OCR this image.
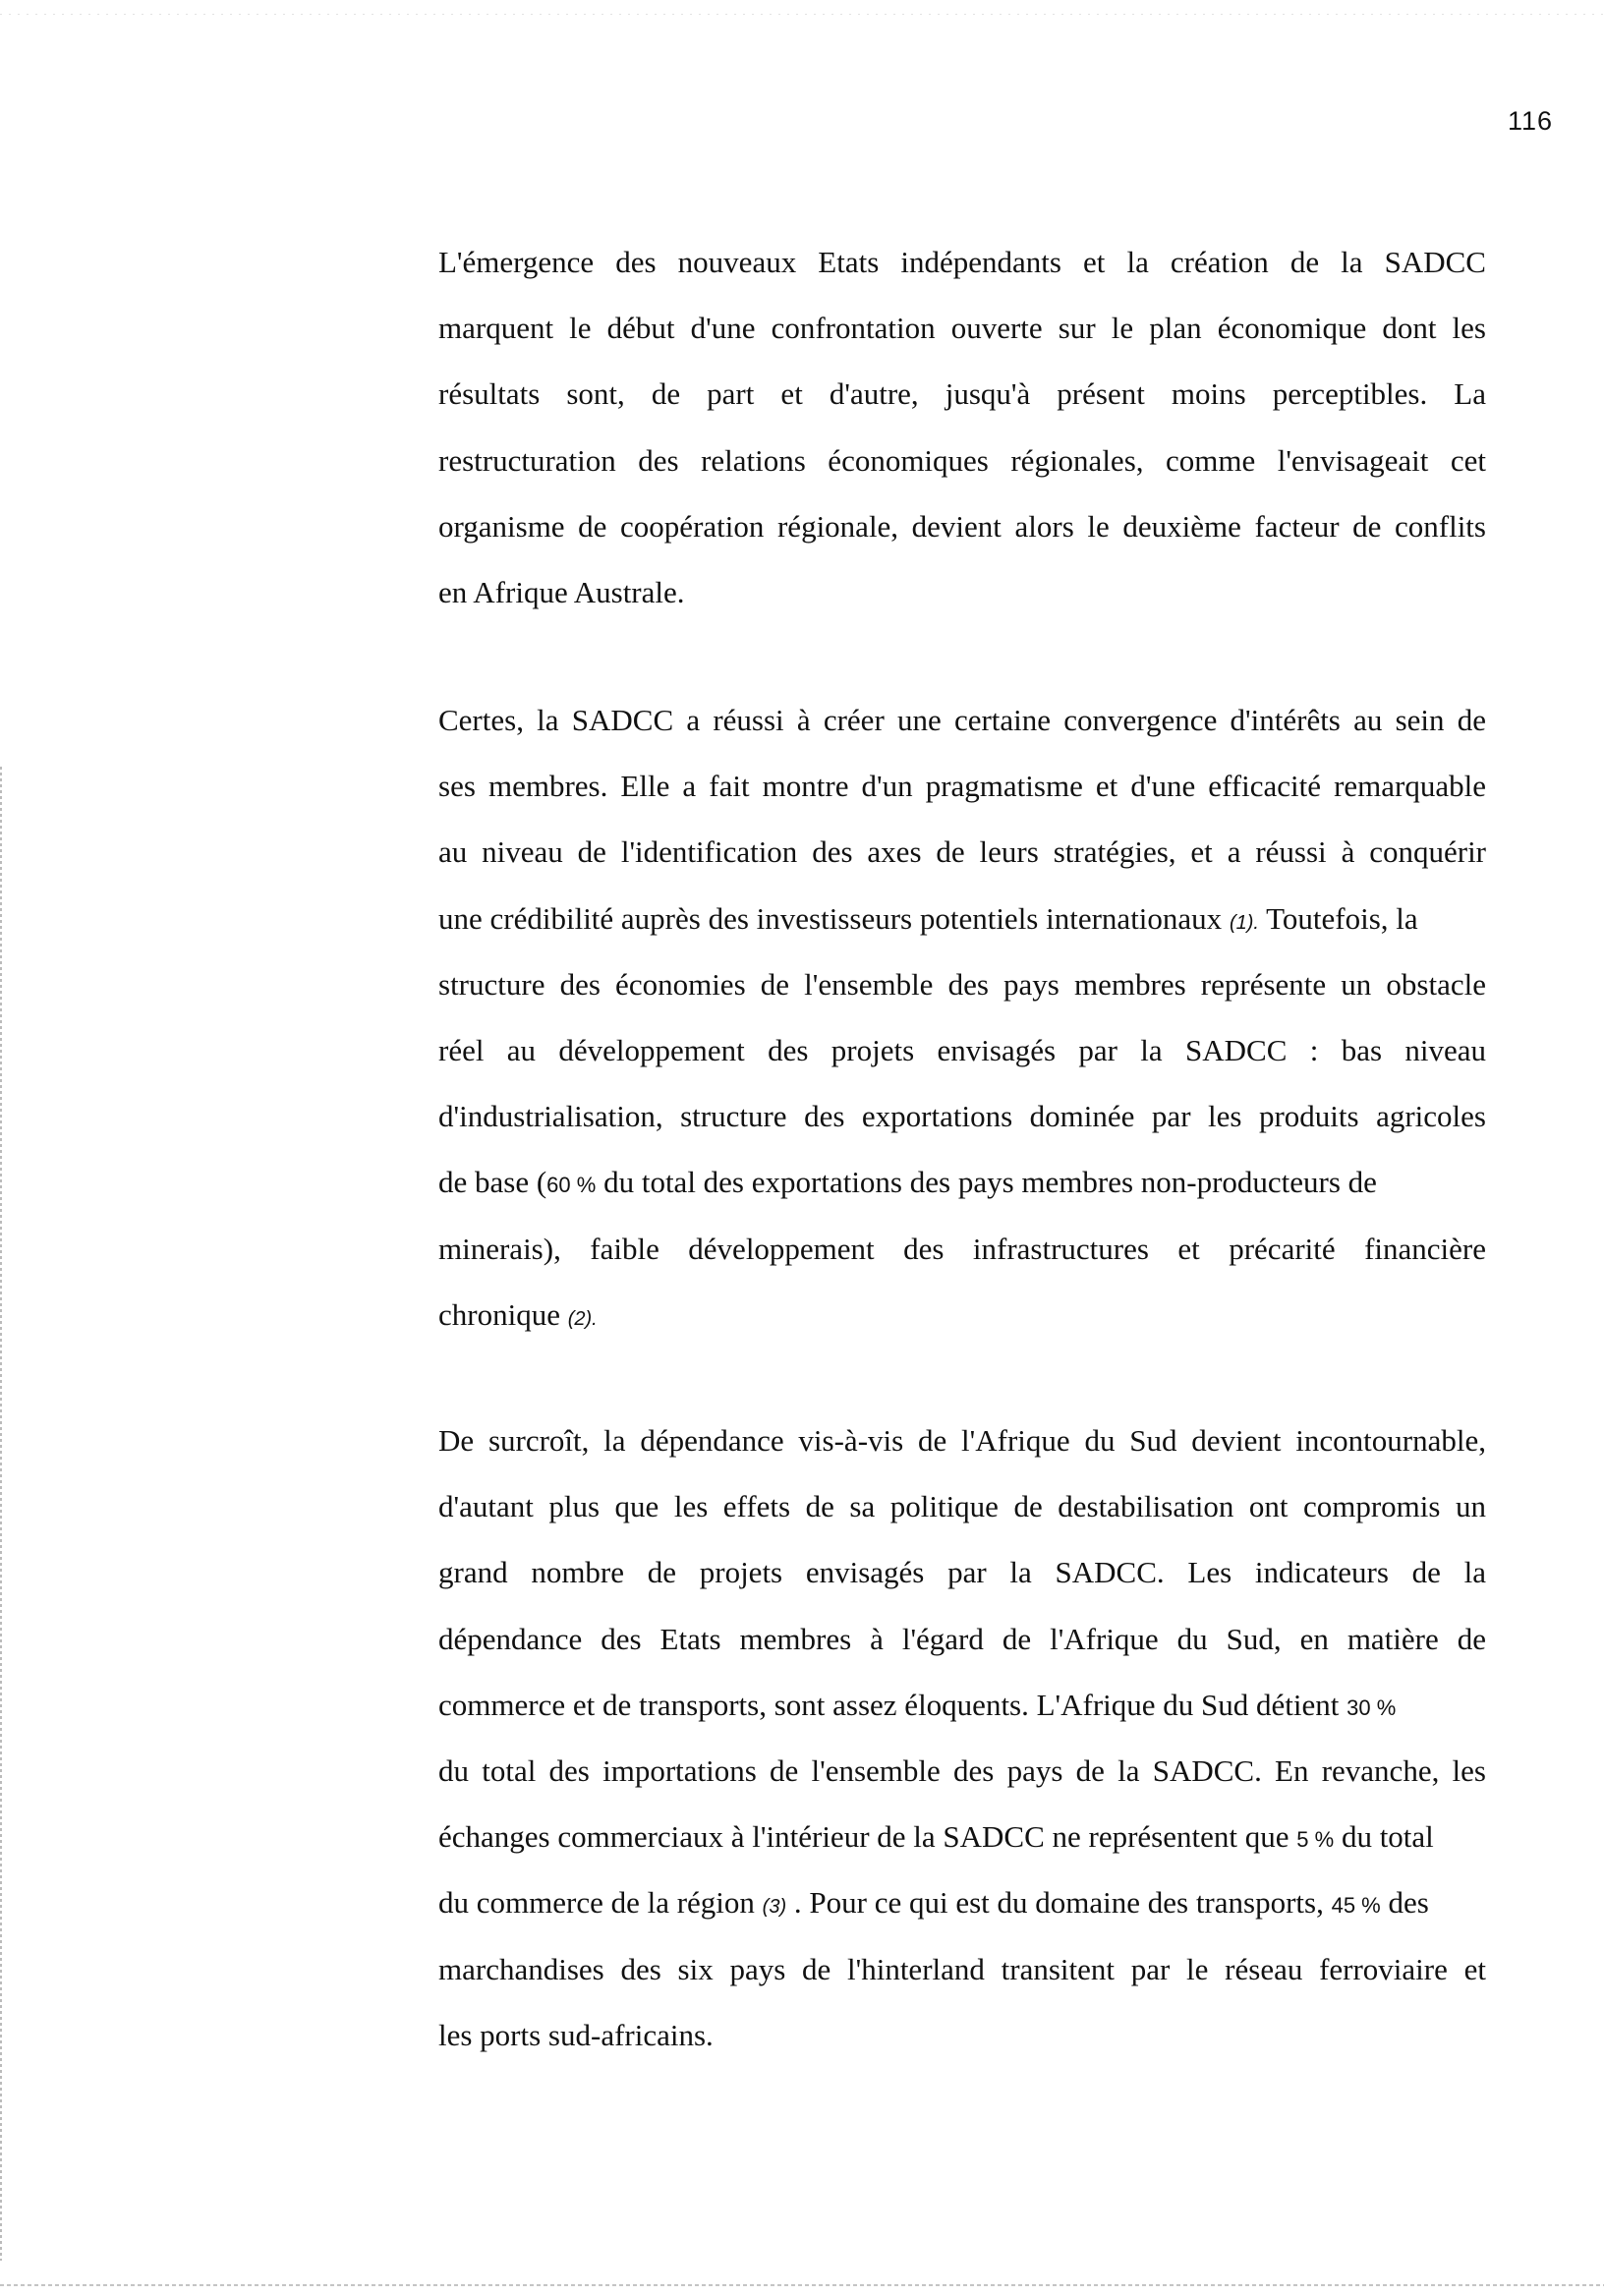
116
L'émergence des nouveaux Etats indépendants et la création de la SADCC
marquent le début d'une confrontation ouverte sur le plan économique dont les
résultats sont, de part et d'autre, jusqu'à présent moins perceptibles. La
restructuration des relations économiques régionales, comme l'envisageait cet
organisme de coopération régionale, devient alors le deuxième facteur de conflits
en Afrique Australe.
Certes, la SADCC a réussi à créer une certaine convergence d'intérêts au sein de
ses membres. Elle a fait montre d'un pragmatisme et d'une efficacité remarquable
au niveau de l'identification des axes de leurs stratégies, et a réussi à conquérir
une crédibilité auprès des investisseurs potentiels internationaux (1). Toutefois, la
structure des économies de l'ensemble des pays membres représente un obstacle
réel au développement des projets envisagés par la SADCC : bas niveau
d'industrialisation, structure des exportations dominée par les produits agricoles
de base (60 % du total des exportations des pays membres non-producteurs de
minerais), faible développement des infrastructures et précarité financière
chronique (2).
De surcroît, la dépendance vis-à-vis de l'Afrique du Sud devient incontournable,
d'autant plus que les effets de sa politique de destabilisation ont compromis un
grand nombre de projets envisagés par la SADCC. Les indicateurs de la
dépendance des Etats membres à l'égard de l'Afrique du Sud, en matière de
commerce et de transports, sont assez éloquents. L'Afrique du Sud détient 30 %
du total des importations de l'ensemble des pays de la SADCC. En revanche, les
échanges commerciaux à l'intérieur de la SADCC ne représentent que 5 % du total
du commerce de la région (3) . Pour ce qui est du domaine des transports, 45 % des
marchandises des six pays de l'hinterland transitent par le réseau ferroviaire et
les ports sud-africains.
